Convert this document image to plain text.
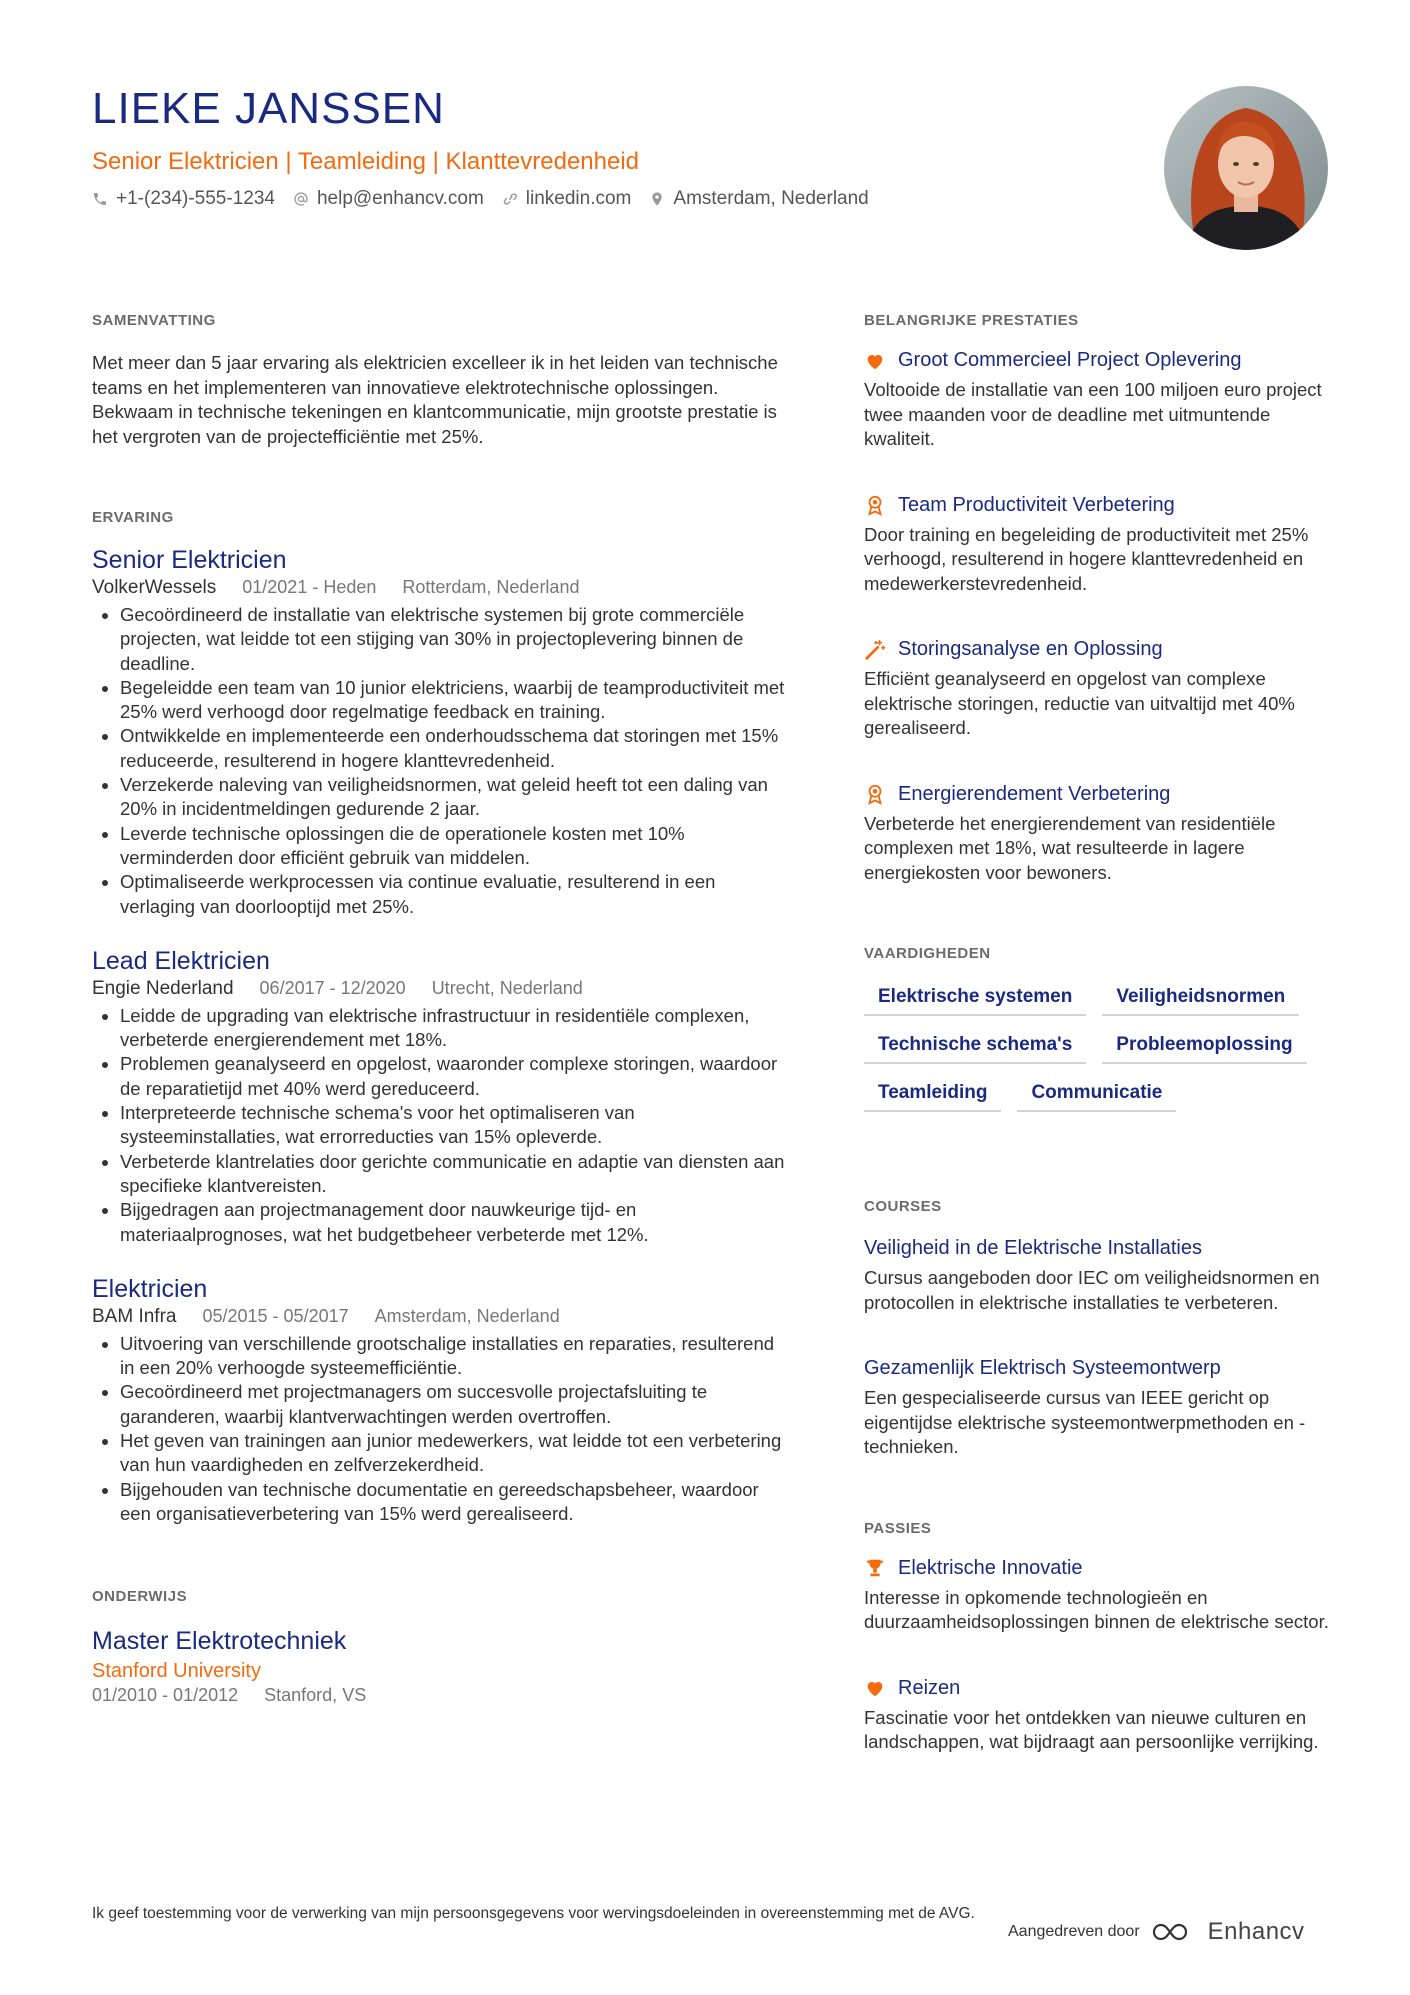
LIEKE JANSSEN
Senior Elektricien | Teamleiding | Klanttevredenheid
+1-(234)-555-1234 help@enhancv.com linkedin.com Amsterdam, Nederland
SAMENVATTING

Met meer dan 5 jaar ervaring als elektricien excelleer ik in het leiden van technische teams en het implementeren van innovatieve elektrotechnische oplossingen. Bekwaam in technische tekeningen en klantcommunicatie, mijn grootste prestatie is het vergroten van de projectefficiëntie met 25%.

ERVARING
Senior Elektricien
VolkerWessels 01/2021 - Heden Rotterdam, Nederland
• Gecoördineerd de installatie van elektrische systemen bij grote commerciële projecten, wat leidde tot een stijging van 30% in projectoplevering binnen de deadline.
• Begeleidde een team van 10 junior elektriciens, waarbij de teamproductiviteit met 25% werd verhoogd door regelmatige feedback en training.
• Ontwikkelde en implementeerde een onderhoudsschema dat storingen met 15% reduceerde, resulterend in hogere klanttevredenheid.
• Verzekerde naleving van veiligheidsnormen, wat geleid heeft tot een daling van 20% in incidentmeldingen gedurende 2 jaar.
• Leverde technische oplossingen die de operationele kosten met 10% verminderden door efficiënt gebruik van middelen.
• Optimaliseerde werkprocessen via continue evaluatie, resulterend in een verlaging van doorlooptijd met 25%.
Lead Elektricien
Engie Nederland 06/2017 - 12/2020 Utrecht, Nederland
• Leidde de upgrading van elektrische infrastructuur in residentiële complexen, verbeterde energierendement met 18%.
• Problemen geanalyseerd en opgelost, waaronder complexe storingen, waardoor de reparatietijd met 40% werd gereduceerd.
• Interpreteerde technische schema's voor het optimaliseren van systeeminstallaties, wat errorreducties van 15% opleverde.
• Verbeterde klantrelaties door gerichte communicatie en adaptie van diensten aan specifieke klantvereisten.
• Bijgedragen aan projectmanagement door nauwkeurige tijd- en materiaalprognoses, wat het budgetbeheer verbeterde met 12%.
Elektricien
BAM Infra 05/2015 - 05/2017 Amsterdam, Nederland
• Uitvoering van verschillende grootschalige installaties en reparaties, resulterend in een 20% verhoogde systeemefficiëntie.
• Gecoördineerd met projectmanagers om succesvolle projectafsluiting te garanderen, waarbij klantverwachtingen werden overtroffen.
• Het geven van trainingen aan junior medewerkers, wat leidde tot een verbetering van hun vaardigheden en zelfverzekerdheid.
• Bijgehouden van technische documentatie en gereedschapsbeheer, waardoor een organisatieverbetering van 15% werd gerealiseerd.
ONDERWIJS
Master Elektrotechniek
Stanford University
01/2010 - 01/2012 Stanford, VS
BELANGRIJKE PRESTATIES
Groot Commercieel Project Oplevering

Voltooide de installatie van een 100 miljoen euro project twee maanden voor de deadline met uitmuntende kwaliteit.

Team Productiviteit Verbetering

Door training en begeleiding de productiviteit met 25% verhoogd, resulterend in hogere klanttevredenheid en medewerkerstevredenheid.

Storingsanalyse en Oplossing

Efficiënt geanalyseerd en opgelost van complexe elektrische storingen, reductie van uitvaltijd met 40% gerealiseerd.

Energierendement Verbetering

Verbeterde het energierendement van residentiële complexen met 18%, wat resulteerde in lagere energiekosten voor bewoners.

VAARDIGHEDEN
Elektrische systemen	Veiligheidsnormen
Technische schema's	Probleemoplossing
Teamleiding	Communicatie
COURSES
Veiligheid in de Elektrische Installaties

Cursus aangeboden door IEC om veiligheidsnormen en protocollen in elektrische installaties te verbeteren.

Gezamenlijk Elektrisch Systeemontwerp

Een gespecialiseerde cursus van IEEE gericht op eigentijdse elektrische systeemontwerpmethoden en -technieken.

PASSIES
Elektrische Innovatie

Interesse in opkomende technologieën en duurzaamheidsoplossingen binnen de elektrische sector.

Reizen

Fascinatie voor het ontdekken van nieuwe culturen en landschappen, wat bijdraagt aan persoonlijke verrijking.

Ik geef toestemming voor de verwerking van mijn persoonsgegevens voor wervingsdoeleinden in overeenstemming met de AVG.
Aangedreven door	Enhancv
